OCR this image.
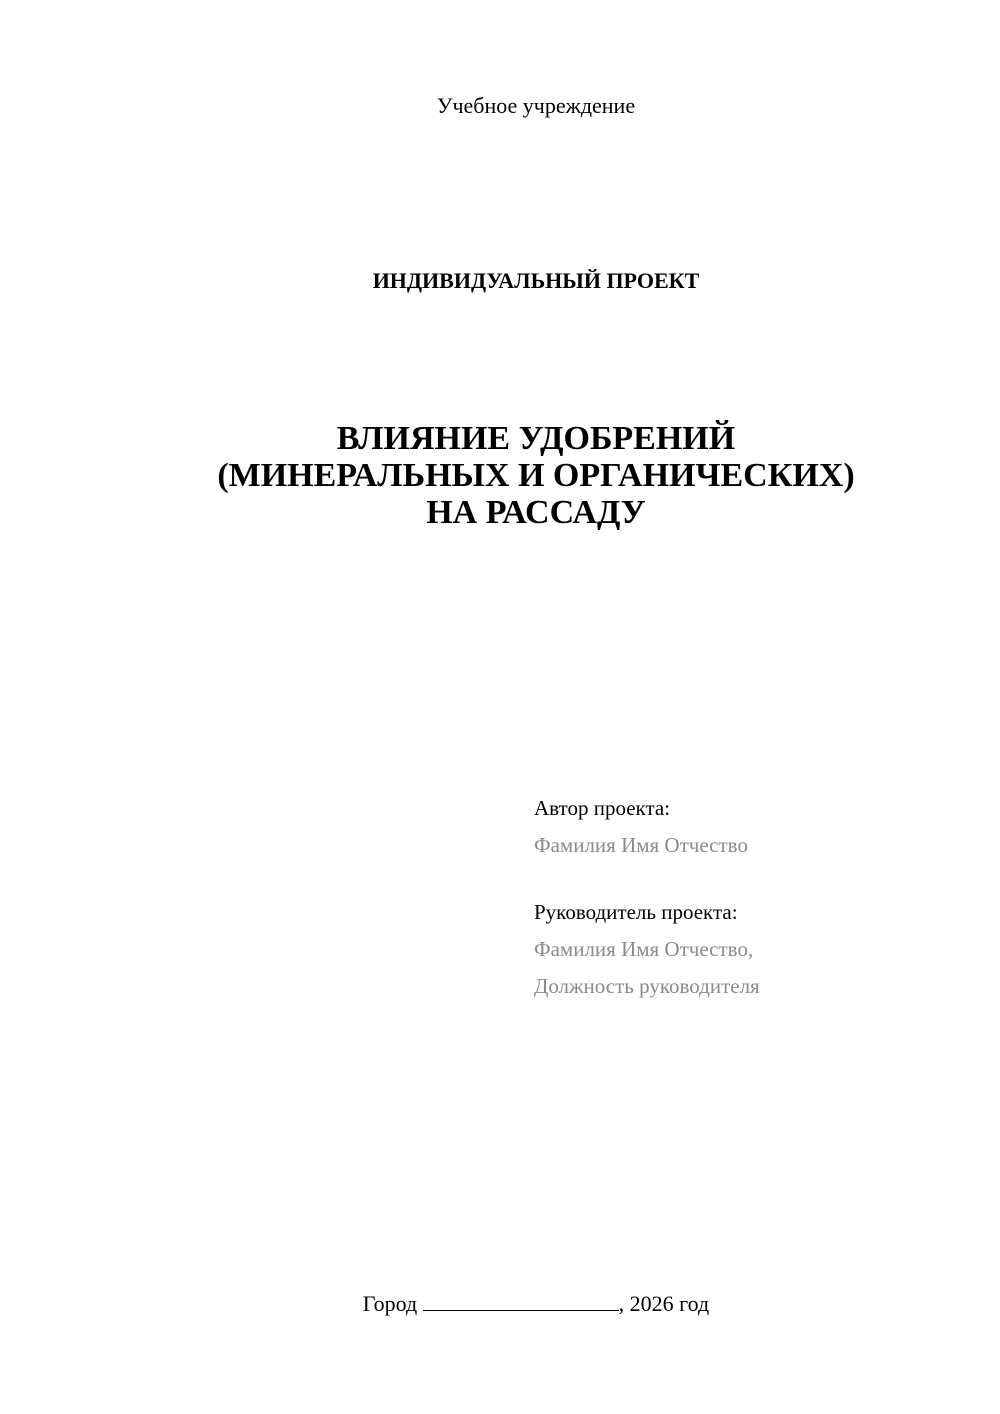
Учебное учреждение
ИНДИВИДУАЛЬНЫЙ ПРОЕКТ
ВЛИЯНИЕ УДОБРЕНИЙ
(МИНЕРАЛЬНЫХ И ОРГАНИЧЕСКИХ)
НА РАССАДУ
Автор проекта:
Фамилия Имя Отчество
Руководитель проекта:
Фамилия Имя Отчество,
Должность руководителя
Город	, 2026 год
